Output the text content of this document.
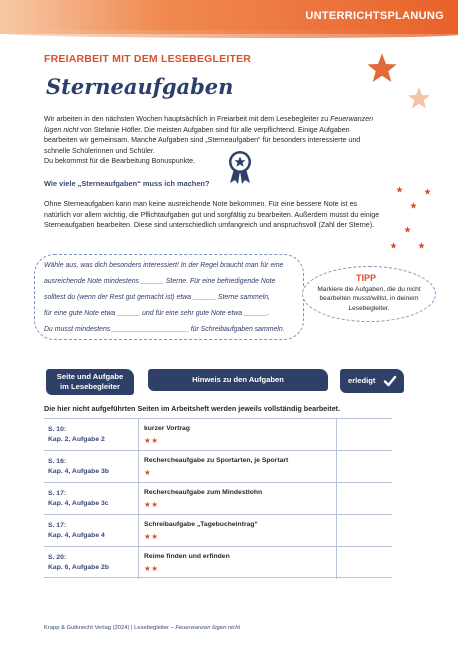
UNTERRICHTSPLANUNG
FREIARBEIT MIT DEM LESEBEGLEITER
Sterneaufgaben
Wir arbeiten in den nächsten Wochen hauptsächlich in Freiarbeit mit dem Lesebegleiter zu Feuerwanzen lügen nicht von Stefanie Höfler. Die meisten Aufgaben sind für alle verpflichtend. Einige Aufgaben bearbeiten wir gemeinsam. Manche Aufgaben sind „Sterneaufgaben“ für besonders interessierte und schnelle Schülerinnen und Schüler.
Du bekommst für die Bearbeitung Bonuspunkte.
Wie viele „Sterneaufgaben“ muss ich machen?
Ohne Sterneaufgaben kann man keine ausreichende Note bekommen. Für eine bessere Note ist es natürlich vor allem wichtig, die Pflichtaufgaben gut und sorgfältig zu bearbeiten. Außerdem musst du einige Sterneaufgaben bearbeiten. Diese sind unterschiedlich umfangreich und anspruchsvoll (Zahl der Sterne).
Wähle aus, was dich besonders interessiert! In der Regel braucht man für eine
ausreichende Note mindestens ______ Sterne. Für eine befriedigende Note
solltest du (wenn der Rest gut gemacht ist) etwa ______ Sterne sammeln,
für eine gute Note etwa ______ und für eine sehr gute Note etwa ______.
Du musst mindestens ____________________ für Schreibaufgaben sammeln.
TIPP
Markiere die Aufgaben, die du nicht bearbeiten musst/willst, in deinem Lesebegleiter.
Seite und Aufgabe
im Lesebegleiter
Hinweis zu den Aufgaben	erledigt
Die hier nicht aufgeführten Seiten im Arbeitsheft werden jeweils vollständig bearbeitet.
S. 10:
Kap. 2, Aufgabe 2
kurzer Vortrag
★★
S. 16:
Kap. 4, Aufgabe 3b
Rechercheaufgabe zu Sportarten, je Sportart
★
S. 17:
Kap. 4, Aufgabe 3c
Rechercheaufgabe zum Mindestlohn
★★
S. 17:
Kap. 4, Aufgabe 4
Schreibaufgabe „Tagebucheintrag“
★★
S. 20:
Kap. 6, Aufgabe 2b
Reime finden und erfinden
★★
Krapp & Gutknecht Verlag (2024) | Lesebegleiter – Feuerwanzen lügen nicht
